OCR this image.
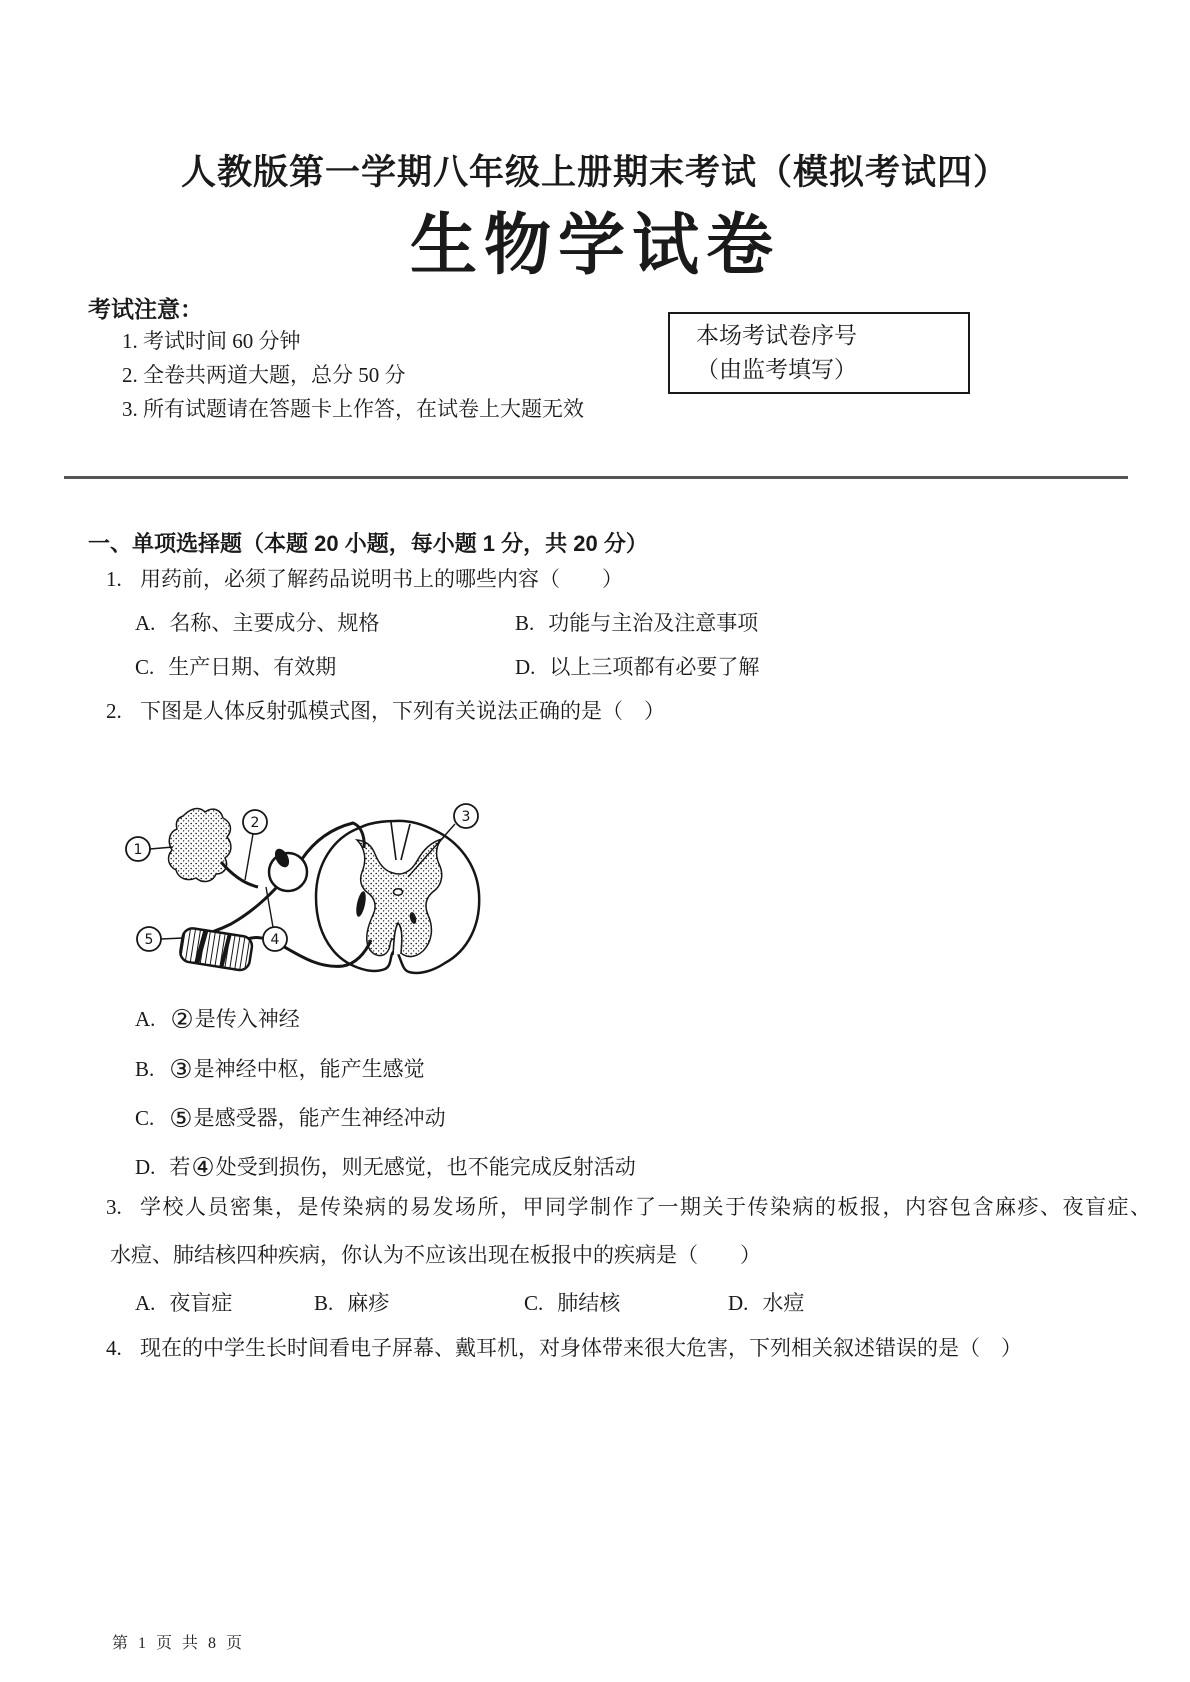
人教版第一学期八年级上册期末考试（模拟考试四）
生物学试卷
考试注意：
1. 考试时间 60 分钟
2. 全卷共两道大题，总分 50 分
3. 所有试题请在答题卡上作答，在试卷上大题无效
本场考试卷序号
（由监考填写）
一、单项选择题（本题 20 小题，每小题 1 分，共 20 分）
1. 用药前，必须了解药品说明书上的哪些内容（　　）
A. 名称、主要成分、规格	B. 功能与主治及注意事项
C. 生产日期、有效期	D. 以上三项都有必要了解
2. 下图是人体反射弧模式图，下列有关说法正确的是（　）
1
2	3
4
5
A. ②是传入神经
B. ③是神经中枢，能产生感觉
C. ⑤是感受器，能产生神经冲动
D. 若④处受到损伤，则无感觉，也不能完成反射活动
3. 学校人员密集，是传染病的易发场所，甲同学制作了一期关于传染病的板报，内容包含麻疹、夜盲症、
水痘、肺结核四种疾病，你认为不应该出现在板报中的疾病是（　　）
A. 夜盲症	B. 麻疹	C. 肺结核	D. 水痘
4. 现在的中学生长时间看电子屏幕、戴耳机，对身体带来很大危害，下列相关叙述错误的是（　）
第 1 页 共 8 页
